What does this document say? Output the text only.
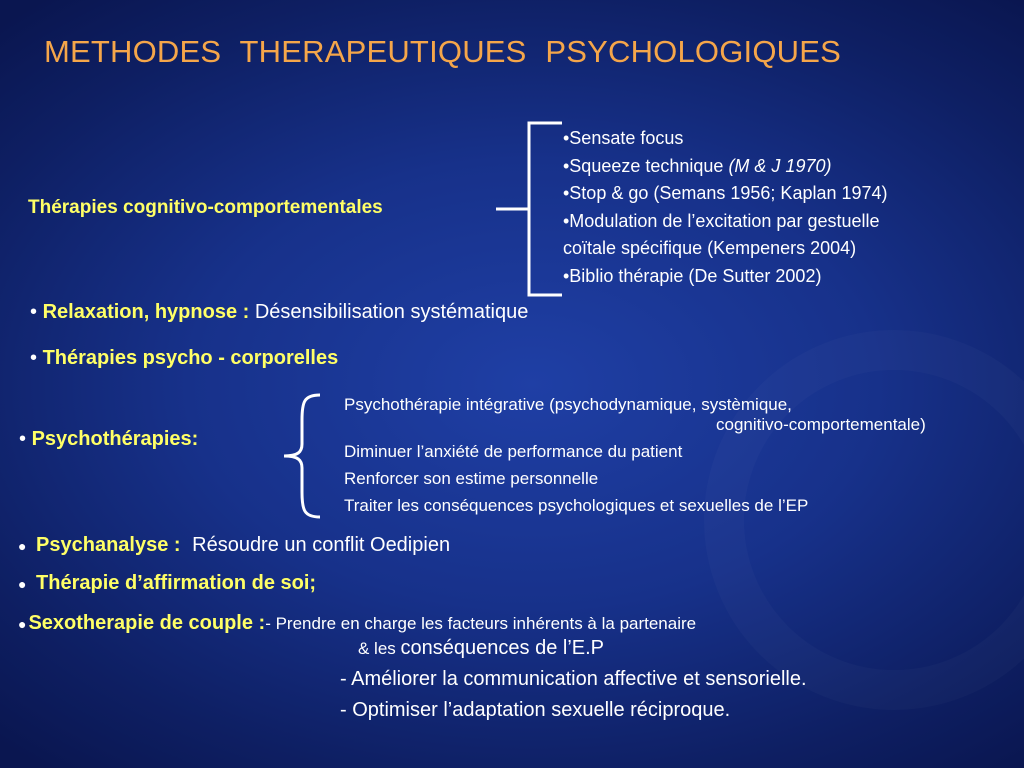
METHODES THERAPEUTIQUES PSYCHOLOGIQUES
Thérapies cognitivo-comportementales
•Sensate focus
•Squeeze technique (M & J 1970)
•Stop & go (Semans 1956; Kaplan 1974)
•Modulation de l’excitation par gestuelle
coïtale spécifique (Kempeners 2004)
•Biblio thérapie (De Sutter 2002)
• Relaxation, hypnose : Désensibilisation systématique
• Thérapies psycho - corporelles
• Psychothérapies:
Psychothérapie intégrative (psychodynamique, systèmique,
cognitivo-comportementale)
Diminuer l’anxiété de performance du patient
Renforcer son estime personnelle
Traiter les conséquences psychologiques et sexuelles de l’EP
● Psychanalyse : Résoudre un conflit Oedipien
● Thérapie d’affirmation de soi;
● Sexotherapie de couple :- Prendre en charge les facteurs inhérents à la partenaire
& les conséquences de l’E.P
- Améliorer la communication affective et sensorielle.
- Optimiser l’adaptation sexuelle réciproque.
